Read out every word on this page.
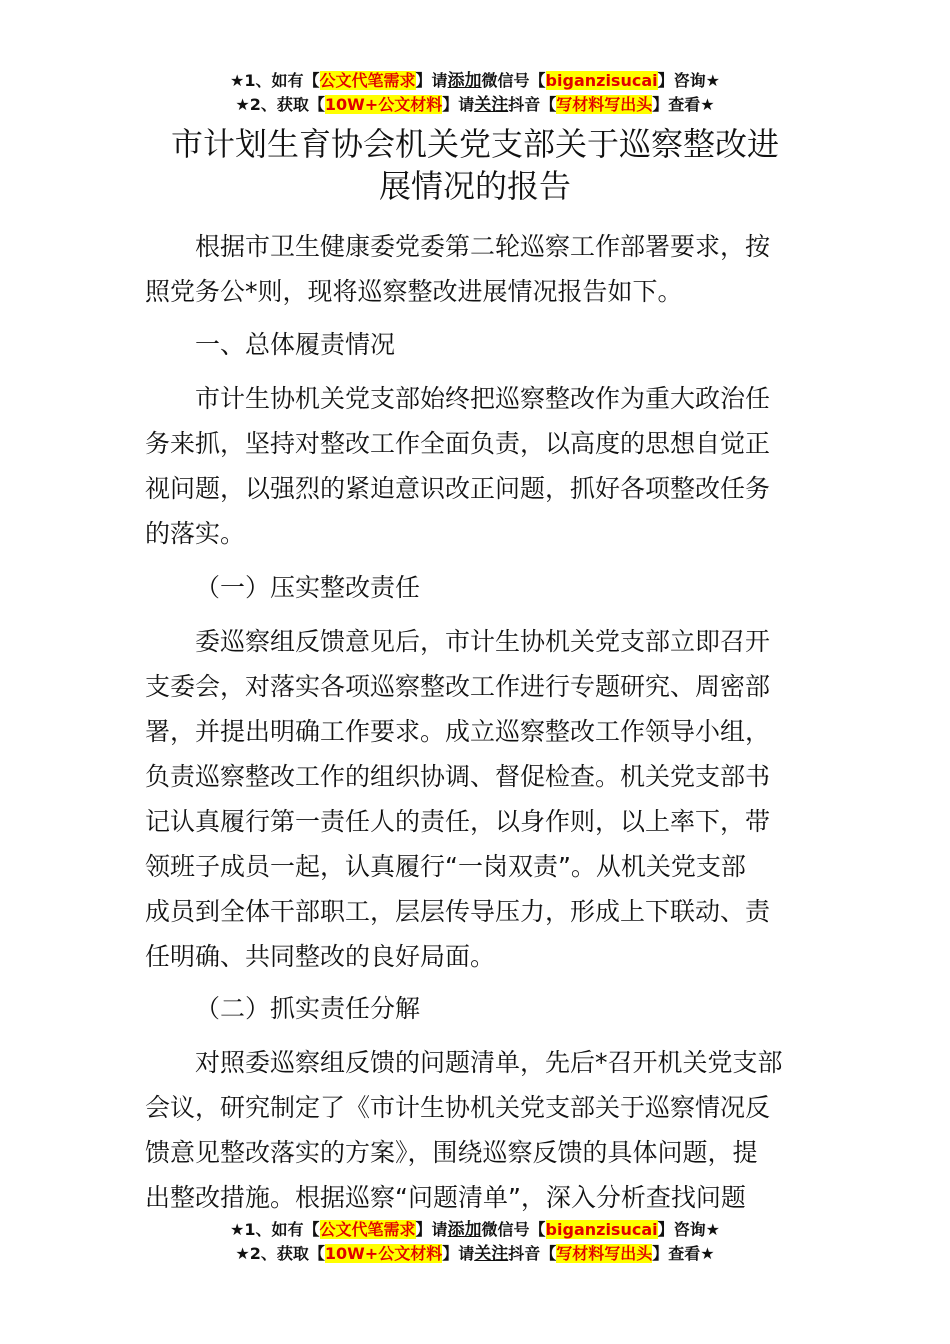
★1、如有【公文代笔需求】请添加微信号【biganzisucai】咨询★
★2、获取【10W+公文材料】请关注抖音【写材料写出头】查看★
市计划生育协会机关党支部关于巡察整改进
展情况的报告
根据市卫生健康委党委第二轮巡察工作部署要求，按
照党务公*则，现将巡察整改进展情况报告如下。
一、总体履责情况
市计生协机关党支部始终把巡察整改作为重大政治任
务来抓，坚持对整改工作全面负责，以高度的思想自觉正
视问题，以强烈的紧迫意识改正问题，抓好各项整改任务
的落实。
（一）压实整改责任
委巡察组反馈意见后，市计生协机关党支部立即召开
支委会，对落实各项巡察整改工作进行专题研究、周密部
署，并提出明确工作要求。成立巡察整改工作领导小组，
负责巡察整改工作的组织协调、督促检查。机关党支部书
记认真履行第一责任人的责任，以身作则，以上率下，带
领班子成员一起，认真履行“一岗双责”。从机关党支部
成员到全体干部职工，层层传导压力，形成上下联动、责
任明确、共同整改的良好局面。
（二）抓实责任分解
对照委巡察组反馈的问题清单，先后*召开机关党支部
会议，研究制定了《市计生协机关党支部关于巡察情况反
馈意见整改落实的方案》，围绕巡察反馈的具体问题，提
出整改措施。根据巡察“问题清单”，深入分析查找问题
★1、如有【公文代笔需求】请添加微信号【biganzisucai】咨询★
★2、获取【10W+公文材料】请关注抖音【写材料写出头】查看★
